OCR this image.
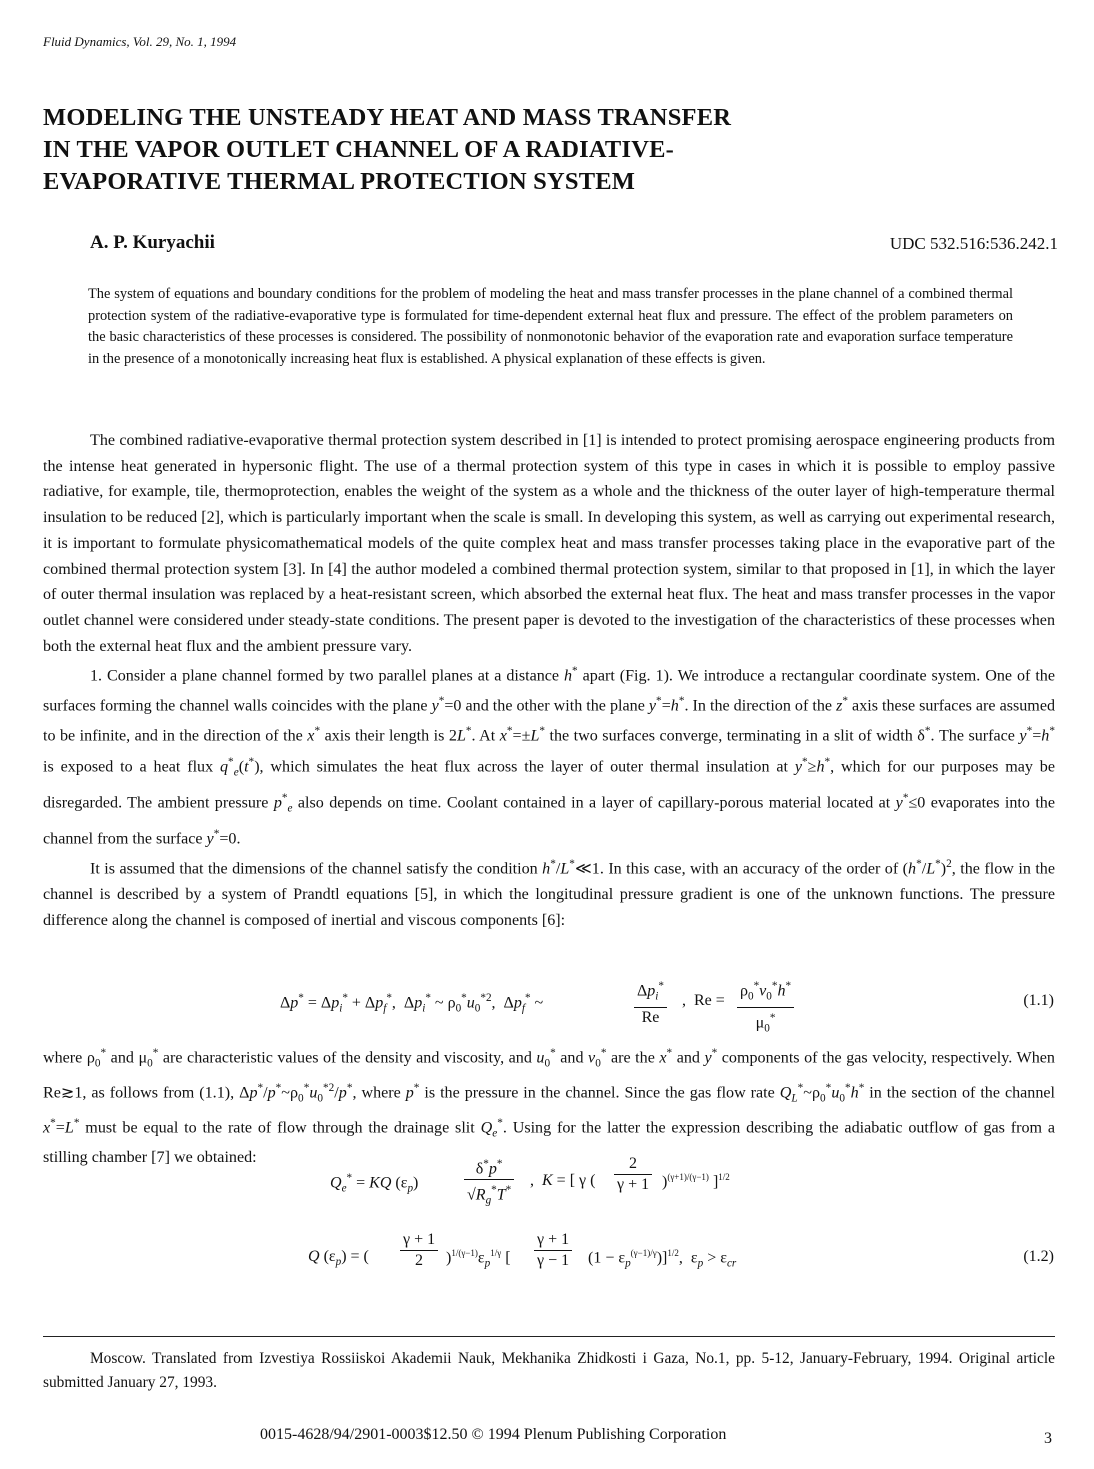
Fluid Dynamics, Vol. 29, No. 1, 1994
MODELING THE UNSTEADY HEAT AND MASS TRANSFER
IN THE VAPOR OUTLET CHANNEL OF A RADIATIVE-
EVAPORATIVE THERMAL PROTECTION SYSTEM
A. P. Kuryachii	UDC 532.516:536.242.1
The system of equations and boundary conditions for the problem of modeling the heat and mass transfer processes in the plane channel of a combined thermal protection system of the radiative-evaporative type is formulated for time-dependent external heat flux and pressure. The effect of the problem parameters on the basic characteristics of these processes is considered. The possibility of nonmonotonic behavior of the evaporation rate and evaporation surface temperature in the presence of a monotonically increasing heat flux is established. A physical explanation of these effects is given.

The combined radiative-evaporative thermal protection system described in [1] is intended to protect promising aerospace engineering products from the intense heat generated in hypersonic flight. The use of a thermal protection system of this type in cases in which it is possible to employ passive radiative, for example, tile, thermoprotection, enables the weight of the system as a whole and the thickness of the outer layer of high-temperature thermal insulation to be reduced [2], which is particularly important when the scale is small. In developing this system, as well as carrying out experimental research, it is important to formulate physicomathematical models of the quite complex heat and mass transfer processes taking place in the evaporative part of the combined thermal protection system [3]. In [4] the author modeled a combined thermal protection system, similar to that proposed in [1], in which the layer of outer thermal insulation was replaced by a heat-resistant screen, which absorbed the external heat flux. The heat and mass transfer processes in the vapor outlet channel were considered under steady-state conditions. The present paper is devoted to the investigation of the characteristics of these processes when both the external heat flux and the ambient pressure vary.

1. Consider a plane channel formed by two parallel planes at a distance h* apart (Fig. 1). We introduce a rectangular coordinate system. One of the surfaces forming the channel walls coincides with the plane y*=0 and the other with the plane y*=h*. In the direction of the z* axis these surfaces are assumed to be infinite, and in the direction of the x* axis their length is 2L*. At x*=±L* the two surfaces converge, terminating in a slit of width δ*. The surface y*=h* is exposed to a heat flux $q^*_e(t^*)$, which simulates the heat flux across the layer of outer thermal insulation at y*≥h*, which for our purposes may be disregarded. The ambient pressure $p^*_e$ also depends on time. Coolant contained in a layer of capillary-porous material located at y*≤0 evaporates into the channel from the surface y*=0.

It is assumed that the dimensions of the channel satisfy the condition h*/L*≪1. In this case, with an accuracy of the order of $(h^*/L^*)^2$, the flow in the channel is described by a system of Prandtl equations [5], in which the longitudinal pressure gradient is one of the unknown functions. The pressure difference along the channel is composed of inertial and viscous components [6]:

$\Delta p^* = \Delta p_i^* + \Delta p_f^*$,  $\Delta p_i^*$ ~ $\rho_0^*u_0^{*2}$,  $\Delta p_f^*$ ~
$\Delta p_i^*$
Re
,  $Re = \frac{\rho_0^*v_0^*h^*}{\mu_0^*}$	(1.1)

where $\rho_0^*$ and $\mu_0^*$ are characteristic values of the density and viscosity, and $u_0^*$ and $v_0^*$ are the x* and y* components of the gas velocity, respectively. When Re≳1, as follows from (1.1), $\Delta p^*/p^*\sim\rho_0^*u_0^{*2}/p^*$, where p* is the pressure in the channel. Since the gas flow rate $Q_L^*\sim\rho_0^*u_0^*h^*$ in the section of the channel x*=L* must be equal to the rate of flow through the drainage slit $Q_e^*$. Using for the latter the expression describing the adiabatic outflow of gas from a stilling chamber [7] we obtained:

$Q_e^*$ = KQ $(\varepsilon_p)$	$\frac{\delta^*p^*}{√R_g^*T^*}$ ,  K = [ γ ( $\frac{2}{\gamma + 1} )^{(\gamma+1)/(\gamma-1)}$ ]$^{1/2}$
Q $(\varepsilon_p)$ = ( $\frac{\gamma + 1}{2} )^{1/(\gamma-1)}\varepsilon_p^{1/\gamma}$ [ $\frac{\gamma + 1}{\gamma - 1} (1 - \varepsilon_p^{(\gamma-1)/\gamma})]^{1/2}$,  $\varepsilon_p > \varepsilon_{cr}$	(1.2)
Moscow. Translated from Izvestiya Rossiiskoi Akademii Nauk, Mekhanika Zhidkosti i Gaza, No.1, pp. 5-12, January-February, 1994. Original article submitted January 27, 1993.
0015-4628/94/2901-0003$12.50 © 1994 Plenum Publishing Corporation	3
